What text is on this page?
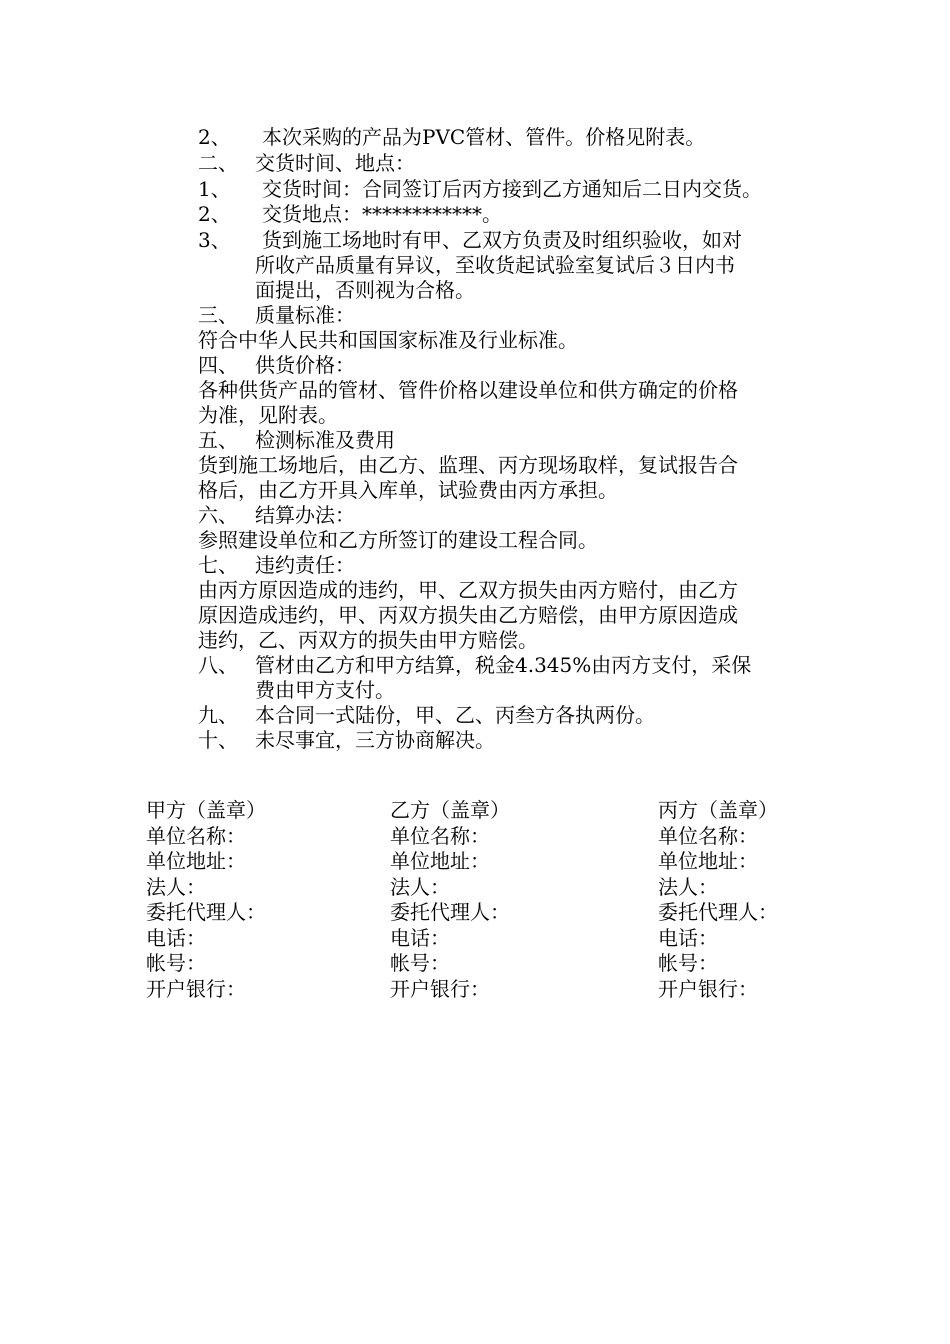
2、 本次采购的产品为PVC管材、管件。价格见附表。
二、 交货时间、地点：
1、 交货时间：合同签订后丙方接到乙方通知后二日内交货。
2、 交货地点：************。
3、 货到施工场地时有甲、乙双方负责及时组织验收，如对
所收产品质量有异议，至收货起试验室复试后３日内书
面提出，否则视为合格。
三、 质量标准：
符合中华人民共和国国家标准及行业标准。
四、 供货价格：
各种供货产品的管材、管件价格以建设单位和供方确定的价格
为准，见附表。
五、 检测标准及费用
货到施工场地后，由乙方、监理、丙方现场取样，复试报告合
格后，由乙方开具入库单，试验费由丙方承担。
六、 结算办法：
参照建设单位和乙方所签订的建设工程合同。
七、 违约责任：
由丙方原因造成的违约，甲、乙双方损失由丙方赔付，由乙方
原因造成违约，甲、丙双方损失由乙方赔偿，由甲方原因造成
违约，乙、丙双方的损失由甲方赔偿。
八、 管材由乙方和甲方结算，税金4.345%由丙方支付，采保
费由甲方支付。
九、 本合同一式陆份，甲、乙、丙叁方各执两份。
十、 未尽事宜，三方协商解决。
甲方（盖章）
单位名称：
单位地址：
法人：
委托代理人：
电话：
帐号：
开户银行：
乙方（盖章）
单位名称：
单位地址：
法人：
委托代理人：
电话：
帐号：
开户银行：
丙方（盖章）
单位名称：
单位地址：
法人：
委托代理人：
电话：
帐号：
开户银行：
